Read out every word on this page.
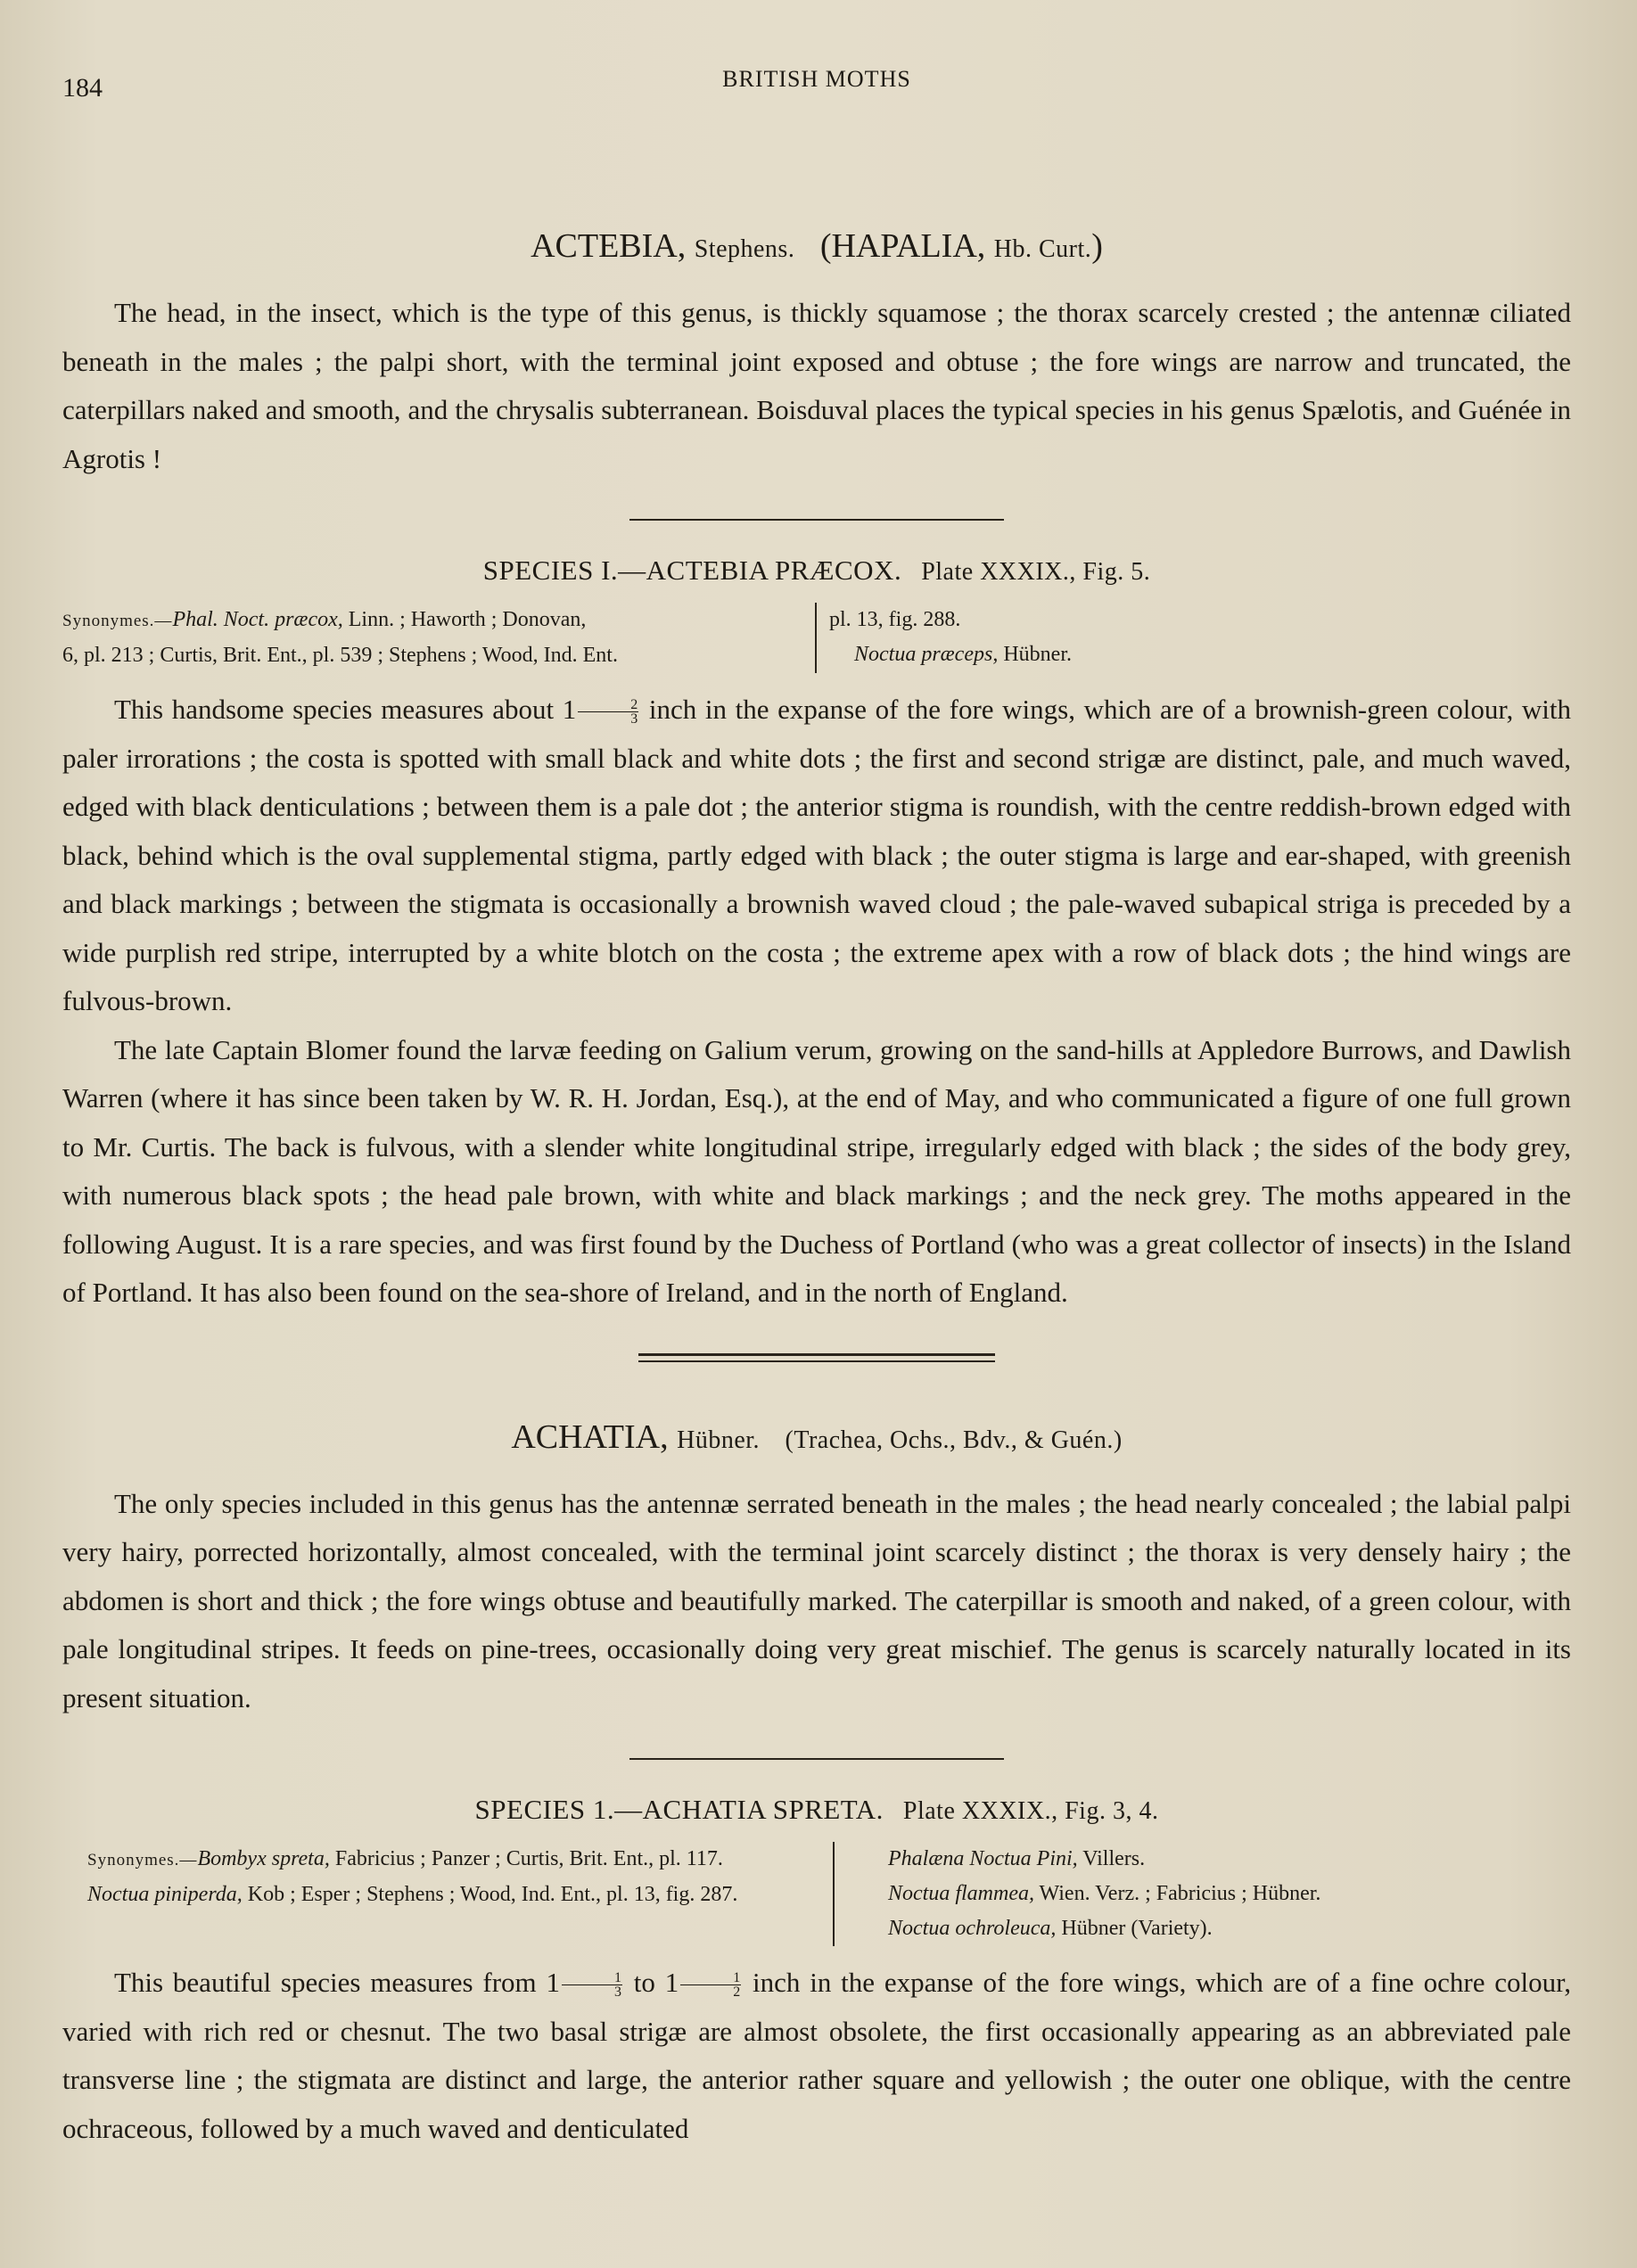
184	BRITISH MOTHS
ACTEBIA, Stephens. (HAPALIA, Hb. Curt.)

The head, in the insect, which is the type of this genus, is thickly squamose ; the thorax scarcely crested ; the antennæ ciliated beneath in the males ; the palpi short, with the terminal joint exposed and obtuse ; the fore wings are narrow and truncated, the caterpillars naked and smooth, and the chrysalis subterranean. Boisduval places the typical species in his genus Spælotis, and Guénée in Agrotis !

SPECIES I.—ACTEBIA PRÆCOX. Plate XXXIX., Fig. 5.
Synonymes.—Phal. Noct. præcox, Linn. ; Haworth ; Donovan,
6, pl. 213 ; Curtis, Brit. Ent., pl. 539 ; Stephens ; Wood, Ind. Ent.
pl. 13, fig. 288.
Noctua præceps, Hübner.

This handsome species measures about $1 \frac{2}{3}$ inch in the expanse of the fore wings, which are of a brownish-green colour, with paler irrorations ; the costa is spotted with small black and white dots ; the first and second strigæ are distinct, pale, and much waved, edged with black denticulations ; between them is a pale dot ; the anterior stigma is roundish, with the centre reddish-brown edged with black, behind which is the oval supplemental stigma, partly edged with black ; the outer stigma is large and ear-shaped, with greenish and black markings ; between the stigmata is occasionally a brownish waved cloud ; the pale-waved subapical striga is preceded by a wide purplish red stripe, interrupted by a white blotch on the costa ; the extreme apex with a row of black dots ; the hind wings are fulvous-brown.

The late Captain Blomer found the larvæ feeding on Galium verum, growing on the sand-hills at Appledore Burrows, and Dawlish Warren (where it has since been taken by W. R. H. Jordan, Esq.), at the end of May, and who communicated a figure of one full grown to Mr. Curtis. The back is fulvous, with a slender white longitudinal stripe, irregularly edged with black ; the sides of the body grey, with numerous black spots ; the head pale brown, with white and black markings ; and the neck grey. The moths appeared in the following August. It is a rare species, and was first found by the Duchess of Portland (who was a great collector of insects) in the Island of Portland. It has also been found on the sea-shore of Ireland, and in the north of England.

ACHATIA, Hübner. (Trachea, Ochs., Bdv., & Guén.)

The only species included in this genus has the antennæ serrated beneath in the males ; the head nearly concealed ; the labial palpi very hairy, porrected horizontally, almost concealed, with the terminal joint scarcely distinct ; the thorax is very densely hairy ; the abdomen is short and thick ; the fore wings obtuse and beautifully marked. The caterpillar is smooth and naked, of a green colour, with pale longitudinal stripes. It feeds on pine-trees, occasionally doing very great mischief. The genus is scarcely naturally located in its present situation.

SPECIES 1.—ACHATIA SPRETA. Plate XXXIX., Fig. 3, 4.
Synonymes.—Bombyx spreta, Fabricius ; Panzer ; Curtis, Brit. Ent., pl. 117.
Noctua piniperda, Kob ; Esper ; Stephens ; Wood, Ind. Ent., pl. 13, fig. 287.
Phalæna Noctua Pini, Villers.
Noctua flammea, Wien. Verz. ; Fabricius ; Hübner.
Noctua ochroleuca, Hübner (Variety).

This beautiful species measures from $1 \frac{1}{3}$ to $1 \frac{1}{2}$ inch in the expanse of the fore wings, which are of a fine ochre colour, varied with rich red or chesnut. The two basal strigæ are almost obsolete, the first occasionally appearing as an abbreviated pale transverse line ; the stigmata are distinct and large, the anterior rather square and yellowish ; the outer one oblique, with the centre ochraceous, followed by a much waved and denticulated
